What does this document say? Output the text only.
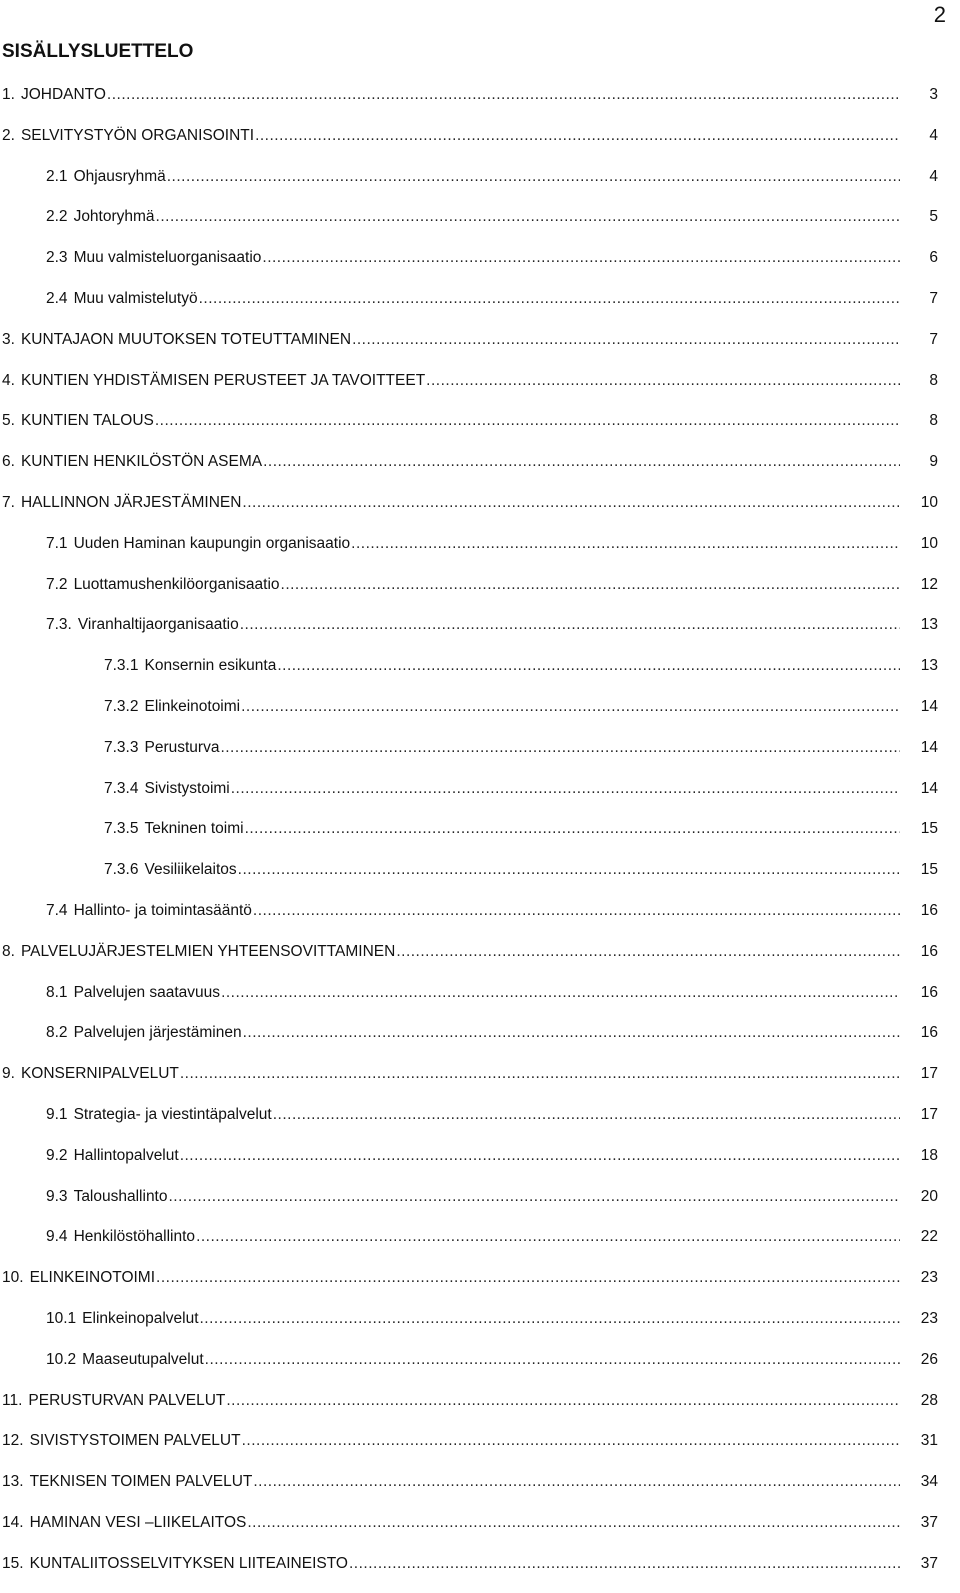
2
SISÄLLYSLUETTELO
1. JOHDANTO .....	3
2. SELVITYSTYÖN ORGANISOINTI .....	4
2.1 Ohjausryhmä .....	4
2.2 Johtoryhmä .....	5
2.3 Muu valmisteluorganisaatio .....	6
2.4 Muu valmistelutyö .....	7
3. KUNTAJAON MUUTOKSEN TOTEUTTAMINEN .....	7
4. KUNTIEN YHDISTÄMISEN PERUSTEET JA TAVOITTEET .....	8
5. KUNTIEN TALOUS .....	8
6. KUNTIEN HENKILÖSTÖN ASEMA .....	9
7. HALLINNON JÄRJESTÄMINEN .....	10
7.1 Uuden Haminan kaupungin organisaatio .....	10
7.2 Luottamushenkilöorganisaatio .....	12
7.3. Viranhaltijaorganisaatio .....	13
7.3.1 Konsernin esikunta .....	13
7.3.2 Elinkeinotoimi .....	14
7.3.3 Perusturva .....	14
7.3.4 Sivistystoimi .....	14
7.3.5 Tekninen toimi .....	15
7.3.6 Vesiliikelaitos .....	15
7.4 Hallinto- ja toimintasääntö .....	16
8. PALVELUJÄRJESTELMIEN YHTEENSOVITTAMINEN .....	16
8.1 Palvelujen saatavuus .....	16
8.2 Palvelujen järjestäminen .....	16
9. KONSERNIPALVELUT .....	17
9.1 Strategia- ja viestintäpalvelut .....	17
9.2 Hallintopalvelut .....	18
9.3 Taloushallinto .....	20
9.4 Henkilöstöhallinto .....	22
10. ELINKEINOTOIMI .....	23
10.1 Elinkeinopalvelut .....	23
10.2 Maaseutupalvelut .....	26
11. PERUSTURVAN PALVELUT .....	28
12. SIVISTYSTOIMEN PALVELUT .....	31
13. TEKNISEN TOIMEN PALVELUT .....	34
14. HAMINAN VESI –LIIKELAITOS .....	37
15. KUNTALIITOSSELVITYKSEN LIITEAINEISTO .....	37
